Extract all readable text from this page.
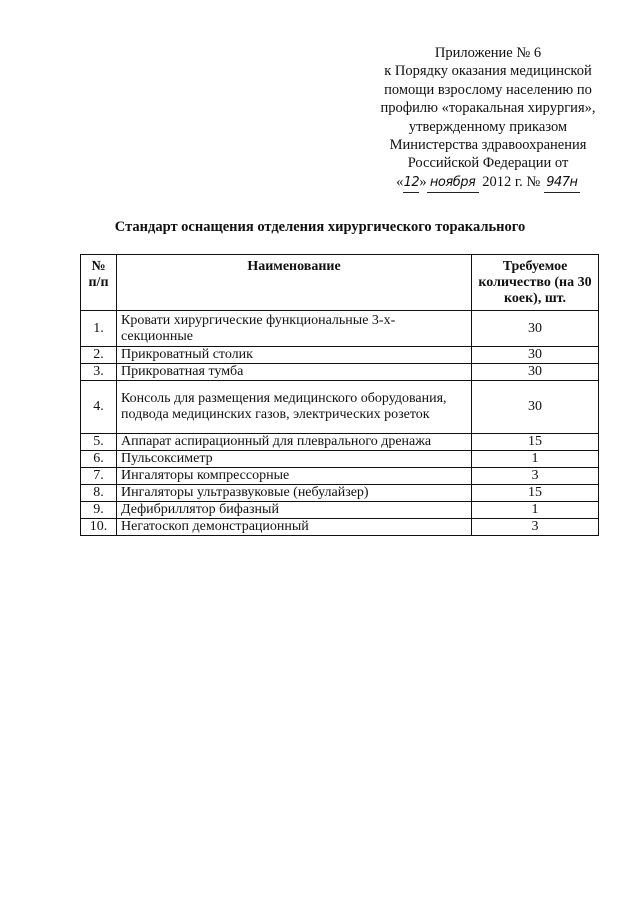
Приложение № 6
к Порядку оказания медицинской
помощи взрослому населению по
профилю «торакальная хирургия»,
утвержденному приказом
Министерства здравоохранения
Российской Федерации от
«12» ноября 2012 г. № 947н
Стандарт оснащения отделения хирургического торакального
№ п/п	Наименование	Требуемое количество (на 30 коек), шт.
1.	Кровати хирургические функциональные 3-х-секционные	30
2.	Прикроватный столик	30
3.	Прикроватная тумба	30
4.	Консоль для размещения медицинского оборудования, подвода медицинских газов, электрических розеток	30
5.	Аппарат аспирационный для плеврального дренажа	15
6.	Пульсоксиметр	1
7.	Ингаляторы компрессорные	3
8.	Ингаляторы ультразвуковые (небулайзер)	15
9.	Дефибриллятор бифазный	1
10.	Негатоскоп демонстрационный	3
